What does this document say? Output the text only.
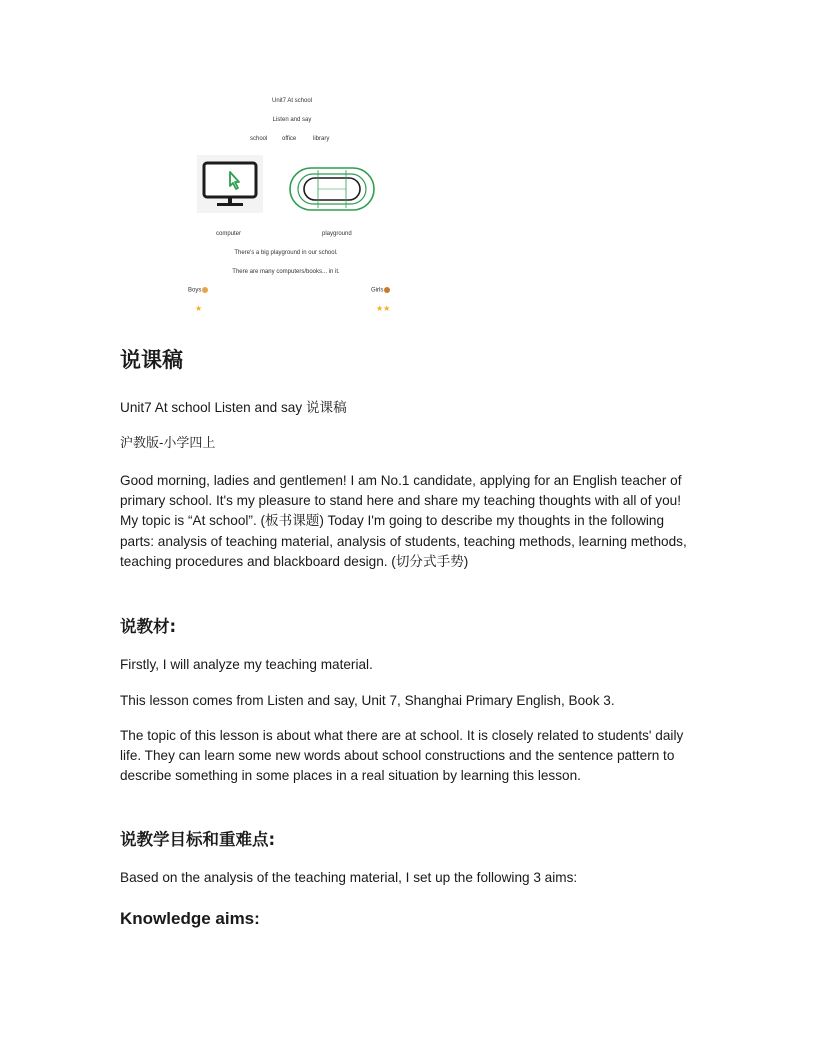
Unit7 At school
Listen and say
school office	library
computer	playground
There's a big playground in our school.
There are many computers/books... in it.
Boys	Girls
★	★★
说课稿
Unit7 At school Listen and say 说课稿
沪教版-小学四上
Good morning, ladies and gentlemen! I am No.1 candidate, applying for an English teacher of primary school. It's my pleasure to stand here and share my teaching thoughts with all of you! My topic is “At school”. (板书课题) Today I'm going to describe my thoughts in the following parts: analysis of teaching material, analysis of students, teaching methods, learning methods, teaching procedures and blackboard design. (切分式手势)
说教材:
Firstly, I will analyze my teaching material.
This lesson comes from Listen and say, Unit 7, Shanghai Primary English, Book 3.
The topic of this lesson is about what there are at school. It is closely related to students' daily life. They can learn some new words about school constructions and the sentence pattern to describe something in some places in a real situation by learning this lesson.
说教学目标和重难点:
Based on the analysis of the teaching material, I set up the following 3 aims:
Knowledge aims:
